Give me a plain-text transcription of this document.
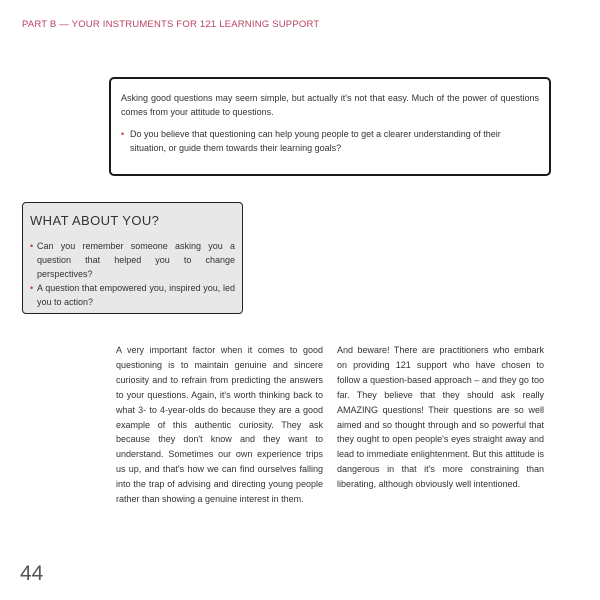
PART B — YOUR INSTRUMENTS FOR 121 LEARNING SUPPORT

Asking good questions may seem simple, but actually it's not that easy. Much of the power of questions comes from your attitude to questions.

• Do you believe that questioning can help young people to get a clearer understanding of their situation, or guide them towards their learning goals?
WHAT ABOUT YOU?
• Can you remember someone asking you a question that helped you to change perspectives?
• A question that empowered you, inspired you, led you to action?
A very important factor when it comes to good questioning is to maintain genuine and sincere curiosity and to refrain from predicting the answers to your questions. Again, it's worth thinking back to what 3- to 4-year-olds do because they are a good example of this authentic curiosity. They ask because they don't know and they want to understand. Sometimes our own experience trips us up, and that's how we can find ourselves falling into the trap of advising and directing young people rather than showing a genuine interest in them.
And beware! There are practitioners who embark on providing 121 support who have chosen to follow a question-based approach – and they go too far. They believe that they should ask really AMAZING questions! Their questions are so well aimed and so thought through and so powerful that they ought to open people's eyes straight away and lead to immediate enlightenment. But this attitude is dangerous in that it's more constraining than liberating, although obviously well intentioned.
44
